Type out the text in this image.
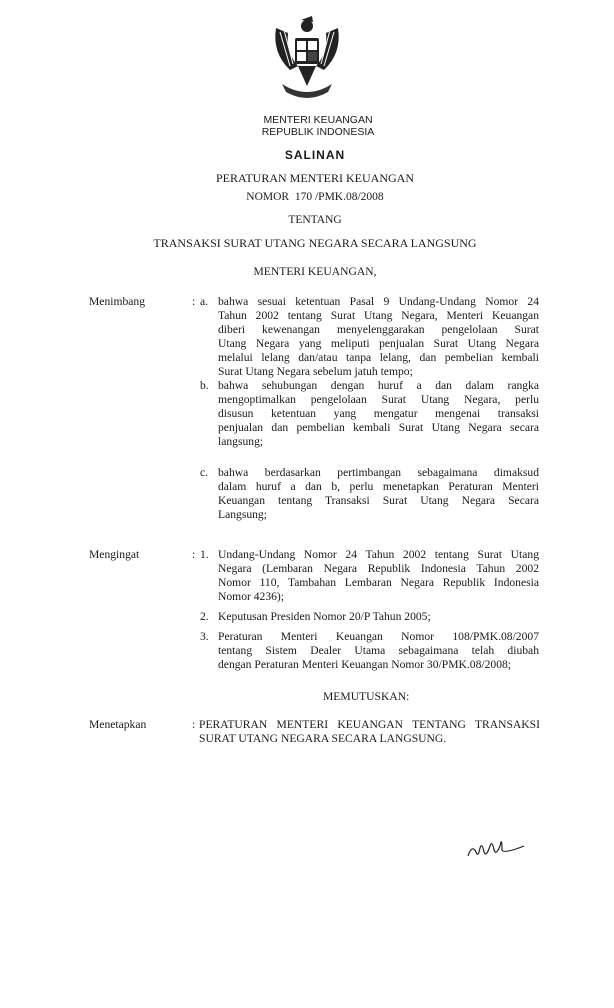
MENTERI KEUANGAN
REPUBLIK INDONESIA
SALINAN
PERATURAN MENTERI KEUANGAN
NOMOR  170 /PMK.08/2008
TENTANG
TRANSAKSI SURAT UTANG NEGARA SECARA LANGSUNG
MENTERI KEUANGAN,
Menimbang	: a. bahwa sesuai ketentuan Pasal 9 Undang-Undang Nomor 24
Tahun 2002 tentang Surat Utang Negara, Menteri Keuangan
diberi kewenangan menyelenggarakan pengelolaan Surat
Utang Negara yang meliputi penjualan Surat Utang Negara
melalui lelang dan/atau tanpa lelang, dan pembelian kembali
Surat Utang Negara sebelum jatuh tempo;
b. bahwa sehubungan dengan huruf a dan dalam rangka
mengoptimalkan pengelolaan Surat Utang Negara, perlu
disusun ketentuan yang mengatur mengenai transaksi
penjualan dan pembelian kembali Surat Utang Negara secara
langsung;
c. bahwa berdasarkan pertimbangan sebagaimana dimaksud
dalam huruf a dan b, perlu menetapkan Peraturan Menteri
Keuangan tentang Transaksi Surat Utang Negara Secara
Langsung;
Mengingat	: 1. Undang-Undang Nomor 24 Tahun 2002 tentang Surat Utang
Negara (Lembaran Negara Republik Indonesia Tahun 2002
Nomor 110, Tambahan Lembaran Negara Republik Indonesia
Nomor 4236);
2. Keputusan Presiden Nomor 20/P Tahun 2005;
3. Peraturan Menteri Keuangan Nomor 108/PMK.08/2007
tentang Sistem Dealer Utama sebagaimana telah diubah
dengan Peraturan Menteri Keuangan Nomor 30/PMK.08/2008;
MEMUTUSKAN:
Menetapkan	: PERATURAN MENTERI KEUANGAN TENTANG TRANSAKSI
SURAT UTANG NEGARA SECARA LANGSUNG.
